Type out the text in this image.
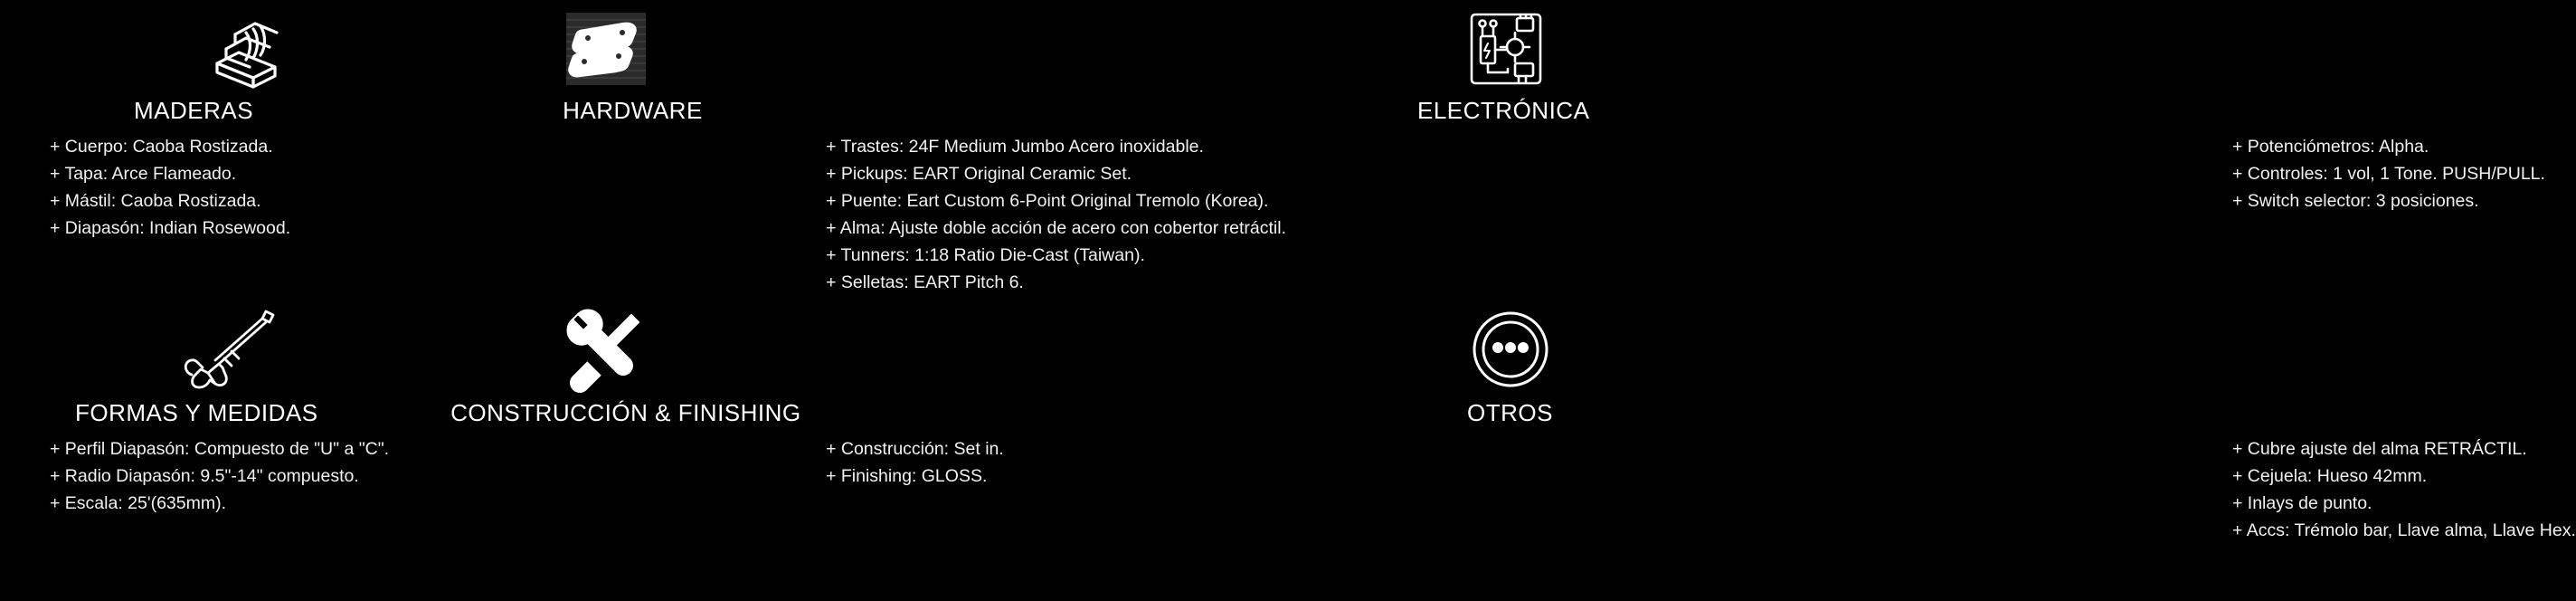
MADERAS
+ Cuerpo: Caoba Rostizada.
+ Tapa: Arce Flameado.
+ Mástil: Caoba Rostizada.
+ Diapasón: Indian Rosewood.
HARDWARE
+ Trastes: 24F Medium Jumbo Acero inoxidable.
+ Pickups: EART Original Ceramic Set.
+ Puente: Eart Custom 6-Point Original Tremolo (Korea).
+ Alma: Ajuste doble acción de acero con cobertor retráctil.
+ Tunners: 1:18 Ratio Die-Cast (Taiwan).
+ Selletas: EART Pitch 6.
ELECTRÓNICA
+ Potenciómetros: Alpha.
+ Controles: 1 vol, 1 Tone. PUSH/PULL.
+ Switch selector: 3 posiciones.
FORMAS Y MEDIDAS
+ Perfil Diapasón: Compuesto de "U" a "C".
+ Radio Diapasón: 9.5"-14" compuesto.
+ Escala: 25'(635mm).
CONSTRUCCIÓN & FINISHING
+ Construcción: Set in.
+ Finishing: GLOSS.
OTROS
+ Cubre ajuste del alma RETRÁCTIL.
+ Cejuela: Hueso 42mm.
+ Inlays de punto.
+ Accs: Trémolo bar, Llave alma, Llave Hex.
